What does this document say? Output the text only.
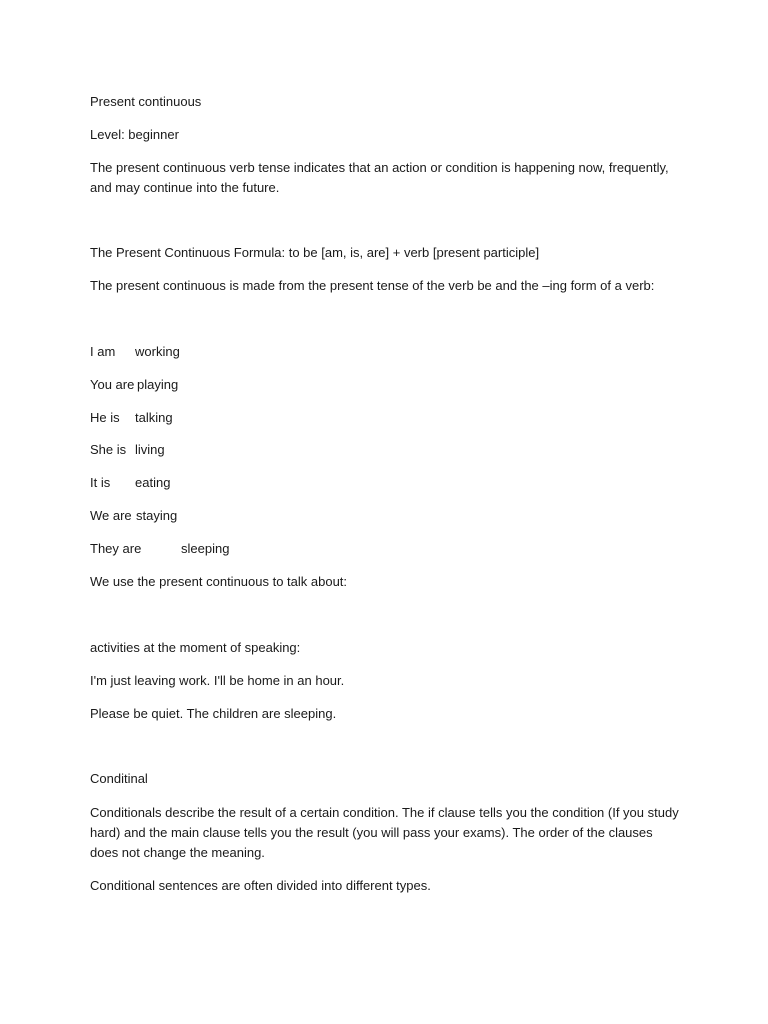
Present continuous
Level: beginner
The present continuous verb tense indicates that an action or condition is happening now, frequently, and may continue into the future.
The Present Continuous Formula: to be [am, is, are] + verb [present participle]
The present continuous is made from the present tense of the verb be and the –ing form of a verb:
I am working
You are playing
He is talking
She is living
It is eating
We are staying
They are	sleeping
We use the present continuous to talk about:
activities at the moment of speaking:
I'm just leaving work. I'll be home in an hour.
Please be quiet. The children are sleeping.
Conditinal
Conditionals describe the result of a certain condition. The if clause tells you the condition (If you study hard) and the main clause tells you the result (you will pass your exams). The order of the clauses does not change the meaning.
Conditional sentences are often divided into different types.
